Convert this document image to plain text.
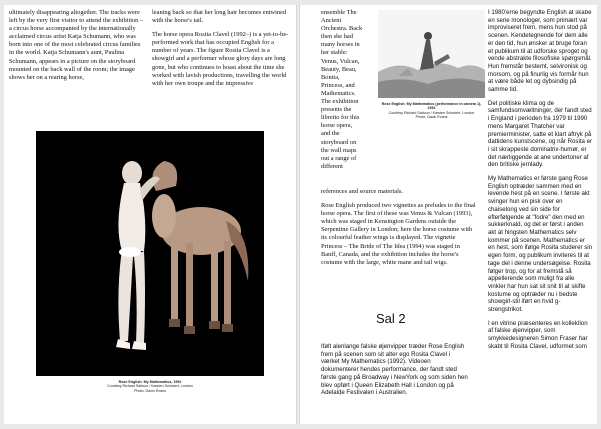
ultimately disappearing altogether. The tracks were left by the very first visitor to attend the exhibition – a circus horse accompanied by the internationally acclaimed circus artist Katja Schumann, who was born into one of the most celebrated circus families in the world. Katja Schumann's aunt, Paulina Schumann, appears in a picture on the storyboard mounted on the back wall of the room; the image shows her on a rearing horse,

leaning back so that her long hair becomes entwined with the horse's tail.

The horse opera Rosita Clavel (1992–) is a yet-to-be-performed work that has occupied English for a number of years. The figure Rosita Clavel is a showgirl and a performer whose glory days are long gone, but who continues to boast about the time she worked with lavish productions, travelling the world with her own troupe and the impressive

Rose English: My Mathematics, 1992
Courtesy Richard Saltoun / Karsten Schubert, London
Photo: Gavin Evans

ensemble The Ancient Orchestra. Back then she had many horses in her stable: Venus, Vulcan, Beauty, Beau, Bonita, Princess, and Mathematics. The exhibition presents the libretto for this horse opera, and the storyboard on the wall maps out a range of different

Rose English: My Mathematics (performance in camera 1), 1992
Courtesy Richard Saltoun / Karsten Schubert, London
Photo: Gavin Evans

references and source materials.

Rose English produced two vignettes as preludes to the final horse opera. The first of these was Venus & Vulcan (1993), which was staged in Kensington Gardens outside the Serpentine Gallery in London; here the horse costume with its colourful feather wings is displayed. The vignette Princess – The Bride of The Idea (1994) was staged in Banff, Canada, and the exhibition includes the horse's costume with the large, white mane and tail wigs.

Sal 2

Ifølt alenlange falske øjenvipper træder Rose English frem på scenen som sit alter ego Rosita Clavel i værket My Mathematics (1992). Videoen dokumenterer hendes performance, der fandt sted første gang på Broadway i NewYork og som siden hen blev opført i Queen Elizabeth Hall i London og på Adelaide Festivalen i Australien.

I 1980'erne begyndte English at skabe en serie monologer, som primært var improviseret frem, mens hun stod på scenen. Kendetegnende for dem alle er den tid, hun ønsker at bruge foran et publikum til at udforske sproget og vende abstrakte filosofiske spørgsmål. Hun fremstår bestemt, selvironisk og morsom, og på finurlig vis formår hun at være både let og dybsindig på samme tid.

Det politiske klima og de samfundsomvæltninger, der fandt sted i England i perioden fra 1979 til 1990 mens Margaret Thatcher var premierminister, satte et klart aftryk på dattidens kunstscene, og når Rosita er i sit skrappeste dominatrix-humør, er det nærliggende at ane undertoner af den britiske jernlady.

My Mathematics er første gang Rose English optræder sammen med en levende hest på en scene. I første akt svinger hun en pisk over en chaiselong ved sin side for efterfølgende at "fodre" den med en sukkerknald, og det er først i anden akt at hingsten Mathematics selv kommer på scenen. Mathematics er en hest, som ifølge Rosita studerer sin egen form, og publikum inviteres til at tage del i denne undersøgelse. Rosita følger trop, og for at fremstå så appellerende som muligt fra alle vinkler har hun sat sit snit til at skifte kostume og optræder nu i bedste showgirl-stil iført en hvid g-strengstrikot.

I en vitrine præsenteres en kollektion af falske øjenvipper, som smykkedesigneren Simon Fraser har skabt til Rosita Clavel, udformet som
